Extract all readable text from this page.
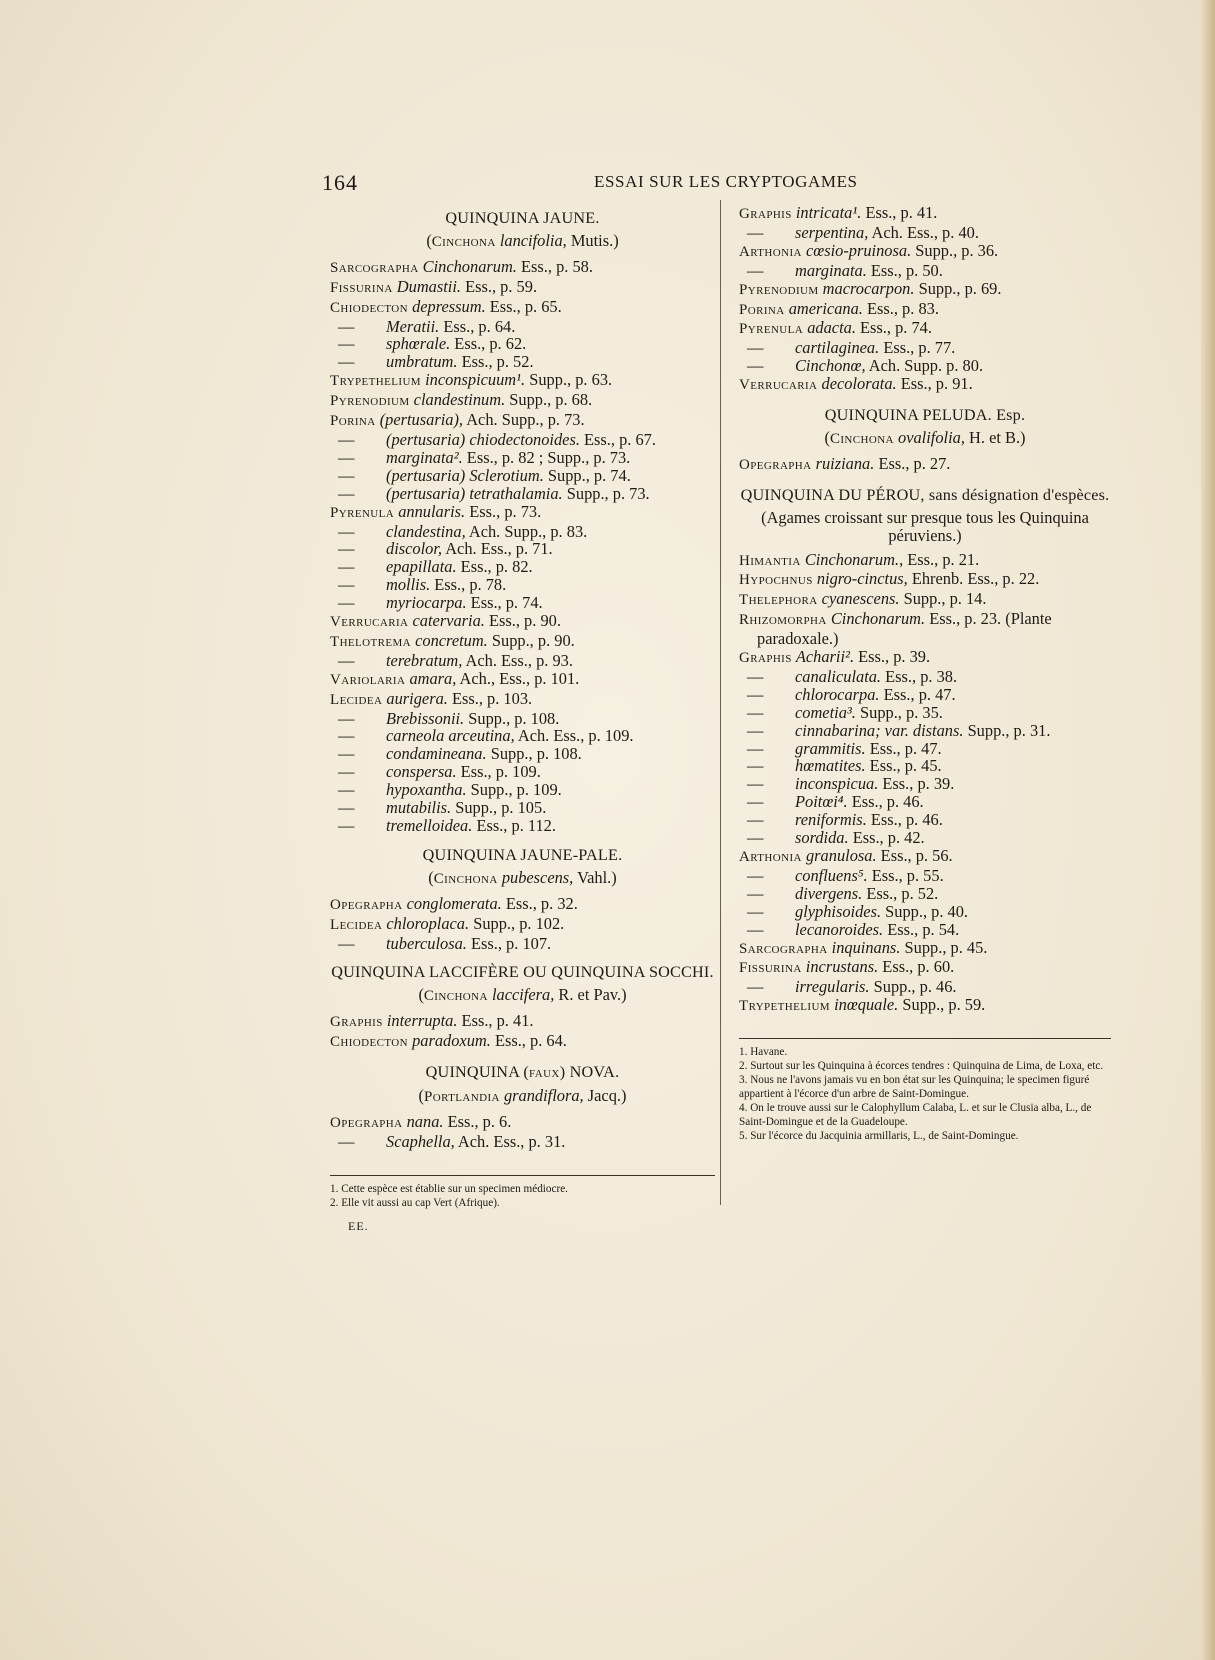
164	ESSAI SUR LES CRYPTOGAMES
QUINQUINA JAUNE.
(Cinchona lancifolia, Mutis.)
Sarcographa Cinchonarum. Ess., p. 58.
Fissurina Dumastii. Ess., p. 59.
Chiodecton depressum. Ess., p. 65.
— Meratii. Ess., p. 64.
— sphœrale. Ess., p. 62.
— umbratum. Ess., p. 52.
Trypethelium inconspicuum¹. Supp., p. 63.
Pyrenodium clandestinum. Supp., p. 68.
Porina (pertusaria), Ach. Supp., p. 73.
— (pertusaria) chiodectonoides. Ess., p. 67.
— marginata². Ess., p. 82 ; Supp., p. 73.
— (pertusaria) Sclerotium. Supp., p. 74.
— (pertusaria) tetrathalamia. Supp., p. 73.
Pyrenula annularis. Ess., p. 73.
— clandestina, Ach. Supp., p. 83.
— discolor, Ach. Ess., p. 71.
— epapillata. Ess., p. 82.
— mollis. Ess., p. 78.
— myriocarpa. Ess., p. 74.
Verrucaria catervaria. Ess., p. 90.
Thelotrema concretum. Supp., p. 90.
— terebratum, Ach. Ess., p. 93.
Variolaria amara, Ach., Ess., p. 101.
Lecidea aurigera. Ess., p. 103.
— Brebissonii. Supp., p. 108.
— carneola arceutina, Ach. Ess., p. 109.
— condamineana. Supp., p. 108.
— conspersa. Ess., p. 109.
— hypoxantha. Supp., p. 109.
— mutabilis. Supp., p. 105.
— tremelloidea. Ess., p. 112.
QUINQUINA JAUNE-PALE.
(Cinchona pubescens, Vahl.)
Opegrapha conglomerata. Ess., p. 32.
Lecidea chloroplaca. Supp., p. 102.
— tuberculosa. Ess., p. 107.
QUINQUINA LACCIFÈRE OU QUINQUINA SOCCHI.
(Cinchona laccifera, R. et Pav.)
Graphis interrupta. Ess., p. 41.
Chiodecton paradoxum. Ess., p. 64.
QUINQUINA (faux) NOVA.
(Portlandia grandiflora, Jacq.)
Opegrapha nana. Ess., p. 6.
— Scaphella, Ach. Ess., p. 31.

1. Cette espèce est établie sur un specimen médiocre.

2. Elle vit aussi au cap Vert (Afrique).

EE.
Graphis intricata¹. Ess., p. 41.
— serpentina, Ach. Ess., p. 40.
Arthonia cœsio-pruinosa. Supp., p. 36.
— marginata. Ess., p. 50.
Pyrenodium macrocarpon. Supp., p. 69.
Porina americana. Ess., p. 83.
Pyrenula adacta. Ess., p. 74.
— cartilaginea. Ess., p. 77.
— Cinchonœ, Ach. Supp. p. 80.
Verrucaria decolorata. Ess., p. 91.
QUINQUINA PELUDA. Esp.
(Cinchona ovalifolia, H. et B.)
Opegrapha ruiziana. Ess., p. 27.
QUINQUINA DU PÉROU, sans désignation d'espèces.
(Agames croissant sur presque tous les Quinquina péruviens.)
Himantia Cinchonarum., Ess., p. 21.
Hypochnus nigro-cinctus, Ehrenb. Ess., p. 22.
Thelephora cyanescens. Supp., p. 14.
Rhizomorpha Cinchonarum. Ess., p. 23. (Plante paradoxale.)
Graphis Acharii². Ess., p. 39.
— canaliculata. Ess., p. 38.
— chlorocarpa. Ess., p. 47.
— cometia³. Supp., p. 35.
— cinnabarina; var. distans. Supp., p. 31.
— grammitis. Ess., p. 47.
— hœmatites. Ess., p. 45.
— inconspicua. Ess., p. 39.
— Poitœi⁴. Ess., p. 46.
— reniformis. Ess., p. 46.
— sordida. Ess., p. 42.
Arthonia granulosa. Ess., p. 56.
— confluens⁵. Ess., p. 55.
— divergens. Ess., p. 52.
— glyphisoides. Supp., p. 40.
— lecanoroides. Ess., p. 54.
Sarcographa inquinans. Supp., p. 45.
Fissurina incrustans. Ess., p. 60.
— irregularis. Supp., p. 46.
Trypethelium inœquale. Supp., p. 59.

1. Havane.

2. Surtout sur les Quinquina à écorces tendres : Quinquina de Lima, de Loxa, etc.

3. Nous ne l'avons jamais vu en bon état sur les Quinquina; le specimen figuré appartient à l'écorce d'un arbre de Saint-Domingue.

4. On le trouve aussi sur le Calophyllum Calaba, L. et sur le Clusia alba, L., de Saint-Domingue et de la Guadeloupe.

5. Sur l'écorce du Jacquinia armillaris, L., de Saint-Domingue.
